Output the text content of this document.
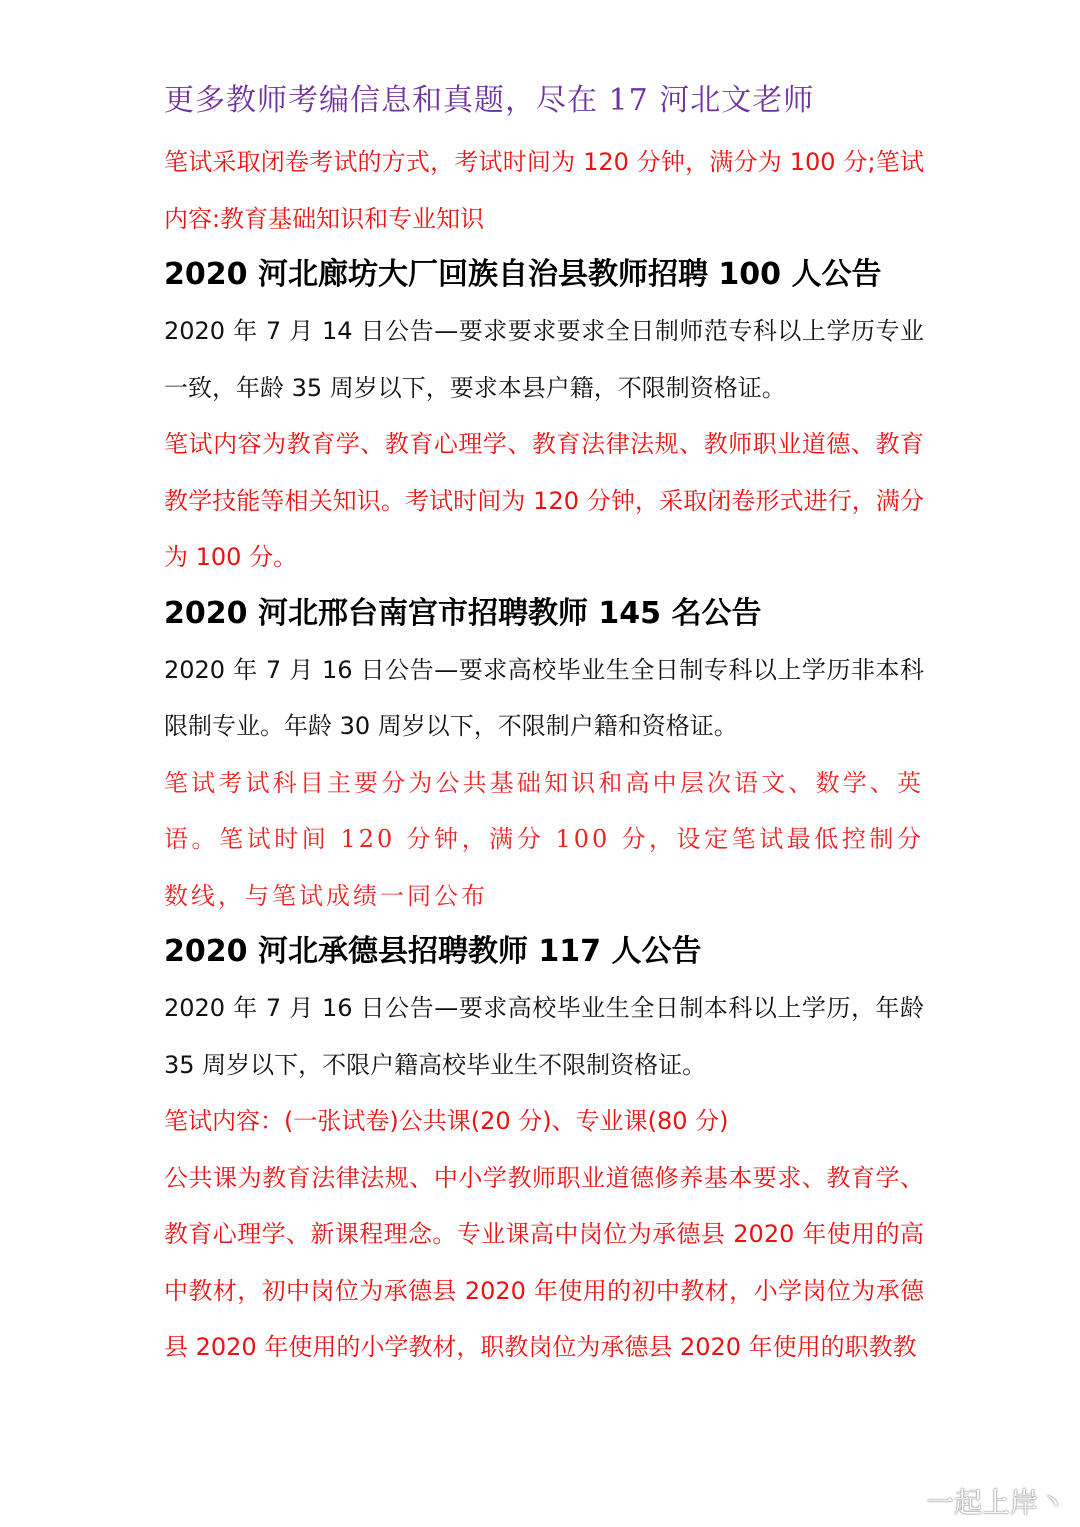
更多教师考编信息和真题，尽在 17 河北文老师

笔试采取闭卷考试的方式，考试时间为 120 分钟，满分为 100 分;笔试内容:教育基础知识和专业知识

2020 河北廊坊大厂回族自治县教师招聘 100 人公告

2020 年 7 月 14 日公告—要求要求要求全日制师范专科以上学历专业一致，年龄 35 周岁以下，要求本县户籍，不限制资格证。

笔试内容为教育学、教育心理学、教育法律法规、教师职业道德、教育教学技能等相关知识。考试时间为 120 分钟，采取闭卷形式进行，满分为 100 分。

2020 河北邢台南宫市招聘教师 145 名公告

2020 年 7 月 16 日公告—要求高校毕业生全日制专科以上学历非本科限制专业。年龄 30 周岁以下，不限制户籍和资格证。

笔试考试科目主要分为公共基础知识和高中层次语文、数学、英语。笔试时间 120 分钟，满分 100 分，设定笔试最低控制分数线，与笔试成绩一同公布

2020 河北承德县招聘教师 117 人公告

2020 年 7 月 16 日公告—要求高校毕业生全日制本科以上学历，年龄 35 周岁以下，不限户籍高校毕业生不限制资格证。

笔试内容：(一张试卷)公共课(20 分)、专业课(80 分)

公共课为教育法律法规、中小学教师职业道德修养基本要求、教育学、教育心理学、新课程理念。专业课高中岗位为承德县 2020 年使用的高中教材，初中岗位为承德县 2020 年使用的初中教材，小学岗位为承德县 2020 年使用的小学教材，职教岗位为承德县 2020 年使用的职教教

一起上岸丶
